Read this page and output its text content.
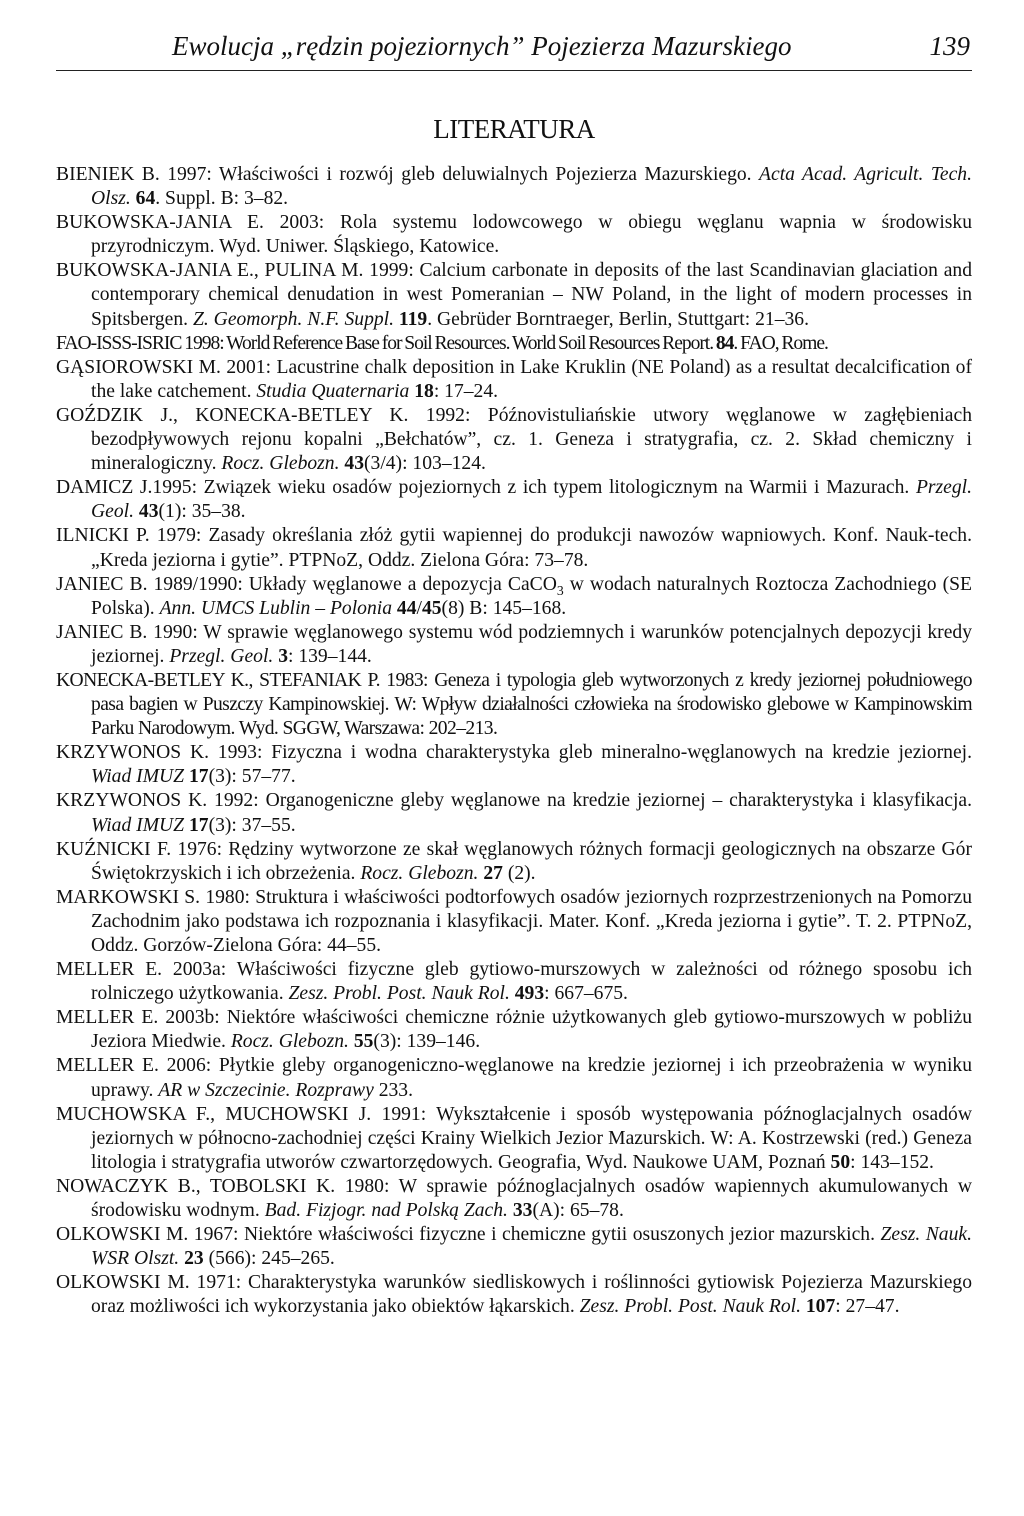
Ewolucja „rędzin pojeziornych” Pojezierza Mazurskiego	139
LITERATURA
BIENIEK B. 1997: Właściwości i rozwój gleb deluwialnych Pojezierza Mazurskiego. Acta Acad. Agricult. Tech. Olsz. 64. Suppl. B: 3–82.
BUKOWSKA-JANIA E. 2003: Rola systemu lodowcowego w obiegu węglanu wapnia w środowisku przyrodniczym. Wyd. Uniwer. Śląskiego, Katowice.
BUKOWSKA-JANIA E., PULINA M. 1999: Calcium carbonate in deposits of the last Scandinavian glaciation and contemporary chemical denudation in west Pomeranian – NW Poland, in the light of modern processes in Spitsbergen. Z. Geomorph. N.F. Suppl. 119. Gebrüder Borntraeger, Berlin, Stuttgart: 21–36.
FAO-ISSS-ISRIC 1998: World Reference Base for Soil Resources. World Soil Resources Report. 84. FAO, Rome.
GĄSIOROWSKI M. 2001: Lacustrine chalk deposition in Lake Kruklin (NE Poland) as a resultat decalcification of the lake catchement. Studia Quaternaria 18: 17–24.
GOŹDZIK J., KONECKA-BETLEY K. 1992: Późnovistuliańskie utwory węglanowe w zagłębieniach bezodpływowych rejonu kopalni „Bełchatów”, cz. 1. Geneza i stratygrafia, cz. 2. Skład chemiczny i mineralogiczny. Rocz. Glebozn. 43(3/4): 103–124.
DAMICZ J.1995: Związek wieku osadów pojeziornych z ich typem litologicznym na Warmii i Mazurach. Przegl. Geol. 43(1): 35–38.
ILNICKI P. 1979: Zasady określania złóż gytii wapiennej do produkcji nawozów wapniowych. Konf. Nauk-tech. „Kreda jeziorna i gytie”. PTPNoZ, Oddz. Zielona Góra: 73–78.
JANIEC B. 1989/1990: Układy węglanowe a depozycja CaCO$_3$ w wodach naturalnych Roztocza Zachodniego (SE Polska). Ann. UMCS Lublin – Polonia 44/45(8) B: 145–168.
JANIEC B. 1990: W sprawie węglanowego systemu wód podziemnych i warunków potencjalnych depozycji kredy jeziornej. Przegl. Geol. 3: 139–144.
KONECKA-BETLEY K., STEFANIAK P. 1983: Geneza i typologia gleb wytworzonych z kredy jeziornej południowego pasa bagien w Puszczy Kampinowskiej. W: Wpływ działalności człowieka na środowisko glebowe w Kampinowskim Parku Narodowym. Wyd. SGGW, Warszawa: 202–213.
KRZYWONOS K. 1993: Fizyczna i wodna charakterystyka gleb mineralno-węglanowych na kredzie jeziornej. Wiad IMUZ 17(3): 57–77.
KRZYWONOS K. 1992: Organogeniczne gleby węglanowe na kredzie jeziornej – charakterystyka i klasyfikacja. Wiad IMUZ 17(3): 37–55.
KUŹNICKI F. 1976: Rędziny wytworzone ze skał węglanowych różnych formacji geologicznych na obszarze Gór Świętokrzyskich i ich obrzeżenia. Rocz. Glebozn. 27 (2).
MARKOWSKI S. 1980: Struktura i właściwości podtorfowych osadów jeziornych rozprzestrzenionych na Pomorzu Zachodnim jako podstawa ich rozpoznania i klasyfikacji. Mater. Konf. „Kreda jeziorna i gytie”. T. 2. PTPNoZ, Oddz. Gorzów-Zielona Góra: 44–55.
MELLER E. 2003a: Właściwości fizyczne gleb gytiowo-murszowych w zależności od różnego sposobu ich rolniczego użytkowania. Zesz. Probl. Post. Nauk Rol. 493: 667–675.
MELLER E. 2003b: Niektóre właściwości chemiczne różnie użytkowanych gleb gytiowo-murszowych w pobliżu Jeziora Miedwie. Rocz. Glebozn. 55(3): 139–146.
MELLER E. 2006: Płytkie gleby organogeniczno-węglanowe na kredzie jeziornej i ich przeobrażenia w wyniku uprawy. AR w Szczecinie. Rozprawy 233.
MUCHOWSKA F., MUCHOWSKI J. 1991: Wykształcenie i sposób występowania późnoglacjalnych osadów jeziornych w północno-zachodniej części Krainy Wielkich Jezior Mazurskich. W: A. Kostrzewski (red.) Geneza litologia i stratygrafia utworów czwartorzędowych. Geografia, Wyd. Naukowe UAM, Poznań 50: 143–152.
NOWACZYK B., TOBOLSKI K. 1980: W sprawie późnoglacjalnych osadów wapiennych akumulowanych w środowisku wodnym. Bad. Fizjogr. nad Polską Zach. 33(A): 65–78.
OLKOWSKI M. 1967: Niektóre właściwości fizyczne i chemiczne gytii osuszonych jezior mazurskich. Zesz. Nauk. WSR Olszt. 23 (566): 245–265.
OLKOWSKI M. 1971: Charakterystyka warunków siedliskowych i roślinności gytiowisk Pojezierza Mazurskiego oraz możliwości ich wykorzystania jako obiektów łąkarskich. Zesz. Probl. Post. Nauk Rol. 107: 27–47.
